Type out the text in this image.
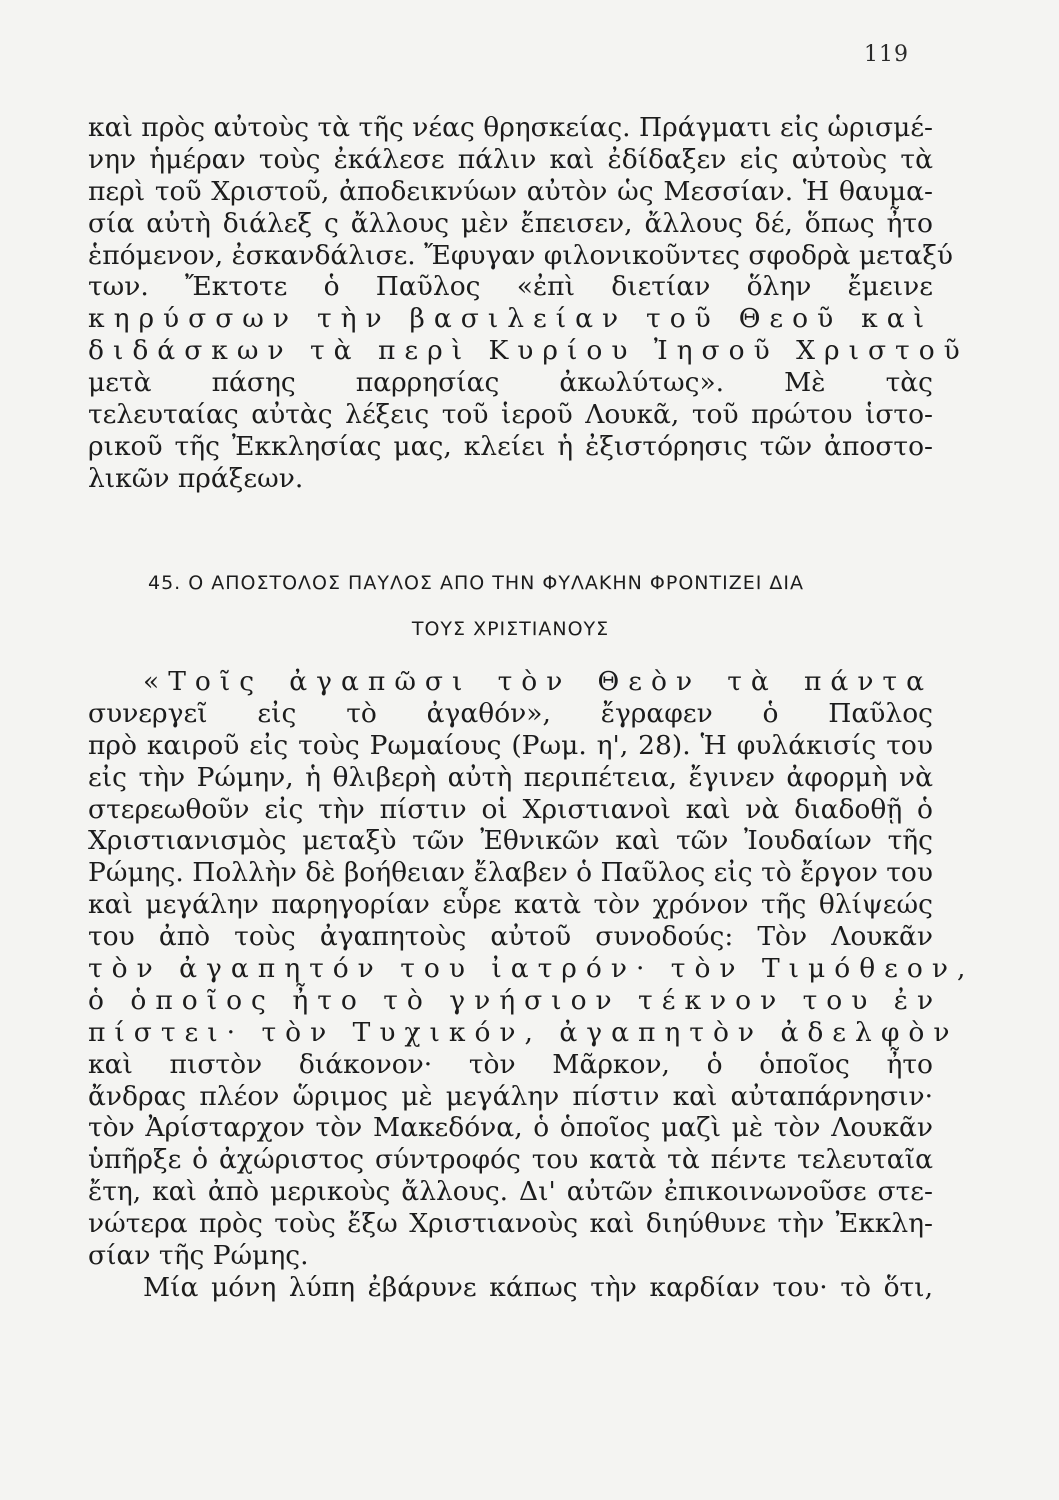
119
καὶ πρὸς αὐτοὺς τὰ τῆς νέας θρησκείας. Πράγματι εἰς ὡρισμέ-
νην ἡμέραν τοὺς ἐκάλεσε πάλιν καὶ ἐδίδαξεν εἰς αὐτοὺς τὰ
περὶ τοῦ Χριστοῦ, ἀποδεικνύων αὐτὸν ὡς Μεσσίαν. Ἡ θαυμα-
σία αὐτὴ διάλεξ ς ἄλλους μὲν ἔπεισεν, ἄλλους δέ, ὅπως ἦτο
ἑπόμενον, ἐσκανδάλισε. Ἔφυγαν φιλονικοῦντες σφοδρὰ μεταξύ
των. Ἔκτοτε ὁ Παῦλος «ἐπὶ διετίαν ὅλην ἔμεινε
κηρύσσων τὴν βασιλείαν τοῦ Θεοῦ καὶ
διδάσκων τὰ περὶ Κυρίου Ἰησοῦ Χριστοῦ
μετὰ πάσης παρρησίας ἀκωλύτως». Μὲ τὰς
τελευταίας αὐτὰς λέξεις τοῦ ἱεροῦ Λουκᾶ, τοῦ πρώτου ἱστο-
ρικοῦ τῆς Ἐκκλησίας μας, κλείει ἡ ἐξιστόρησις τῶν ἀποστο-
λικῶν πράξεων.
45. Ο ΑΠΟΣΤΟΛΟΣ ΠΑΥΛΟΣ ΑΠΟ ΤΗΝ ΦΥΛΑΚΗΝ ΦΡΟΝΤΙΖΕΙ ΔΙΑ
ΤΟΥΣ ΧΡΙΣΤΙΑΝΟΥΣ
«Τοῖς ἀγαπῶσι τὸν Θεὸν τὰ πάντα
συνεργεῖ εἰς τὸ ἀγαθόν», ἔγραφεν ὁ Παῦλος
πρὸ καιροῦ εἰς τοὺς Ρωμαίους (Ρωμ. η', 28). Ἡ φυλάκισίς του
εἰς τὴν Ρώμην, ἡ θλιβερὴ αὐτὴ περιπέτεια, ἔγινεν ἀφορμὴ νὰ
στερεωθοῦν εἰς τὴν πίστιν οἱ Χριστιανοὶ καὶ νὰ διαδοθῇ ὁ
Χριστιανισμὸς μεταξὺ τῶν Ἐθνικῶν καὶ τῶν Ἰουδαίων τῆς
Ρώμης. Πολλὴν δὲ βοήθειαν ἔλαβεν ὁ Παῦλος εἰς τὸ ἔργον του
καὶ μεγάλην παρηγορίαν εὗρε κατὰ τὸν χρόνον τῆς θλίψεώς
του ἀπὸ τοὺς ἀγαπητοὺς αὐτοῦ συνοδούς: Τὸν Λουκᾶν
τὸν ἀγαπητόν του ἰατρόν· τὸν Τιμόθεον,
ὁ ὁποῖος ἦτο τὸ γνήσιον τέκνον του ἐν
πίστει· τὸν Τυχικόν, ἀγαπητὸν ἀδελφὸν
καὶ πιστὸν διάκονον· τὸν Μᾶρκον, ὁ ὁποῖος ἦτο
ἄνδρας πλέον ὥριμος μὲ μεγάλην πίστιν καὶ αὐταπάρνησιν·
τὸν Ἀρίσταρχον τὸν Μακεδόνα, ὁ ὁποῖος μαζὶ μὲ τὸν Λουκᾶν
ὑπῆρξε ὁ ἀχώριστος σύντροφός του κατὰ τὰ πέντε τελευταῖα
ἔτη, καὶ ἀπὸ μερικοὺς ἄλλους. Δι' αὐτῶν ἐπικοινωνοῦσε στε-
νώτερα πρὸς τοὺς ἔξω Χριστιανοὺς καὶ διηύθυνε τὴν Ἐκκλη-
σίαν τῆς Ρώμης.
Μία μόνη λύπη ἐβάρυνε κάπως τὴν καρδίαν του· τὸ ὅτι,
